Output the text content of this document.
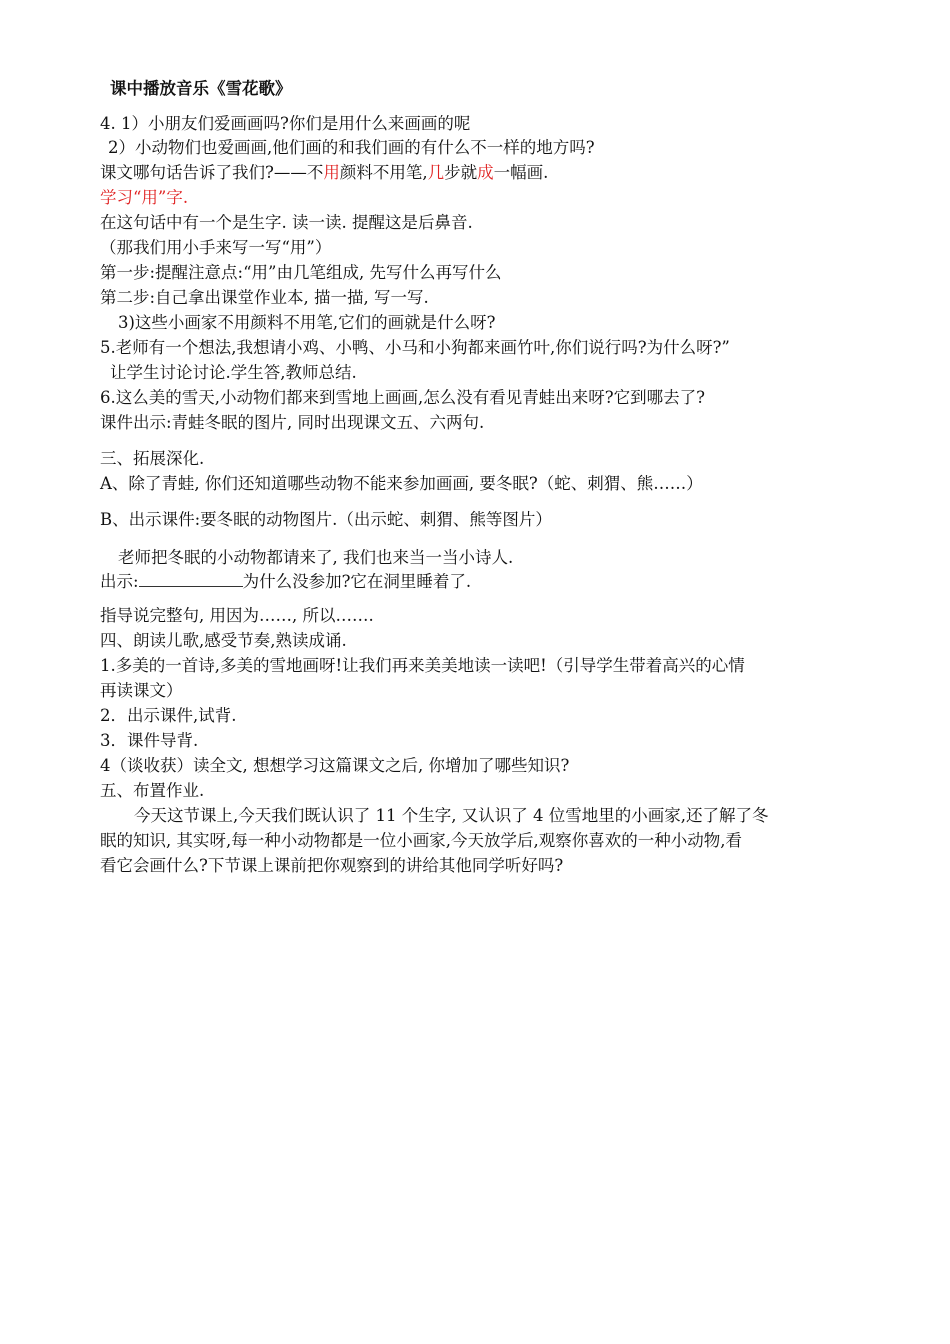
课中播放音乐《雪花歌》
4. 1）小朋友们爱画画吗?你们是用什么来画画的呢
2）小动物们也爱画画,他们画的和我们画的有什么不一样的地方吗?
课文哪句话告诉了我们?——不用颜料不用笔,几步就成一幅画.
学习“用”字.
在这句话中有一个是生字. 读一读. 提醒这是后鼻音.
（那我们用小手来写一写“用”）
第一步:提醒注意点:“用”由几笔组成, 先写什么再写什么
第二步:自己拿出课堂作业本, 描一描, 写一写.
3)这些小画家不用颜料不用笔,它们的画就是什么呀?
5.老师有一个想法,我想请小鸡、小鸭、小马和小狗都来画竹叶,你们说行吗?为什么呀?”
让学生讨论讨论.学生答,教师总结.
6.这么美的雪天,小动物们都来到雪地上画画,怎么没有看见青蛙出来呀?它到哪去了?
课件出示:青蛙冬眠的图片, 同时出现课文五、六两句.
三、拓展深化.
A、除了青蛙, 你们还知道哪些动物不能来参加画画, 要冬眠?（蛇、刺猬、熊……）
B、出示课件:要冬眠的动物图片.（出示蛇、刺猬、熊等图片）
老师把冬眠的小动物都请来了, 我们也来当一当小诗人.
出示:	为什么没参加?它在洞里睡着了.
指导说完整句, 用因为……, 所以…….
四、朗读儿歌,感受节奏,熟读成诵.
1.多美的一首诗,多美的雪地画呀!让我们再来美美地读一读吧!（引导学生带着高兴的心情
再读课文）
2．出示课件,试背.
3．课件导背.
4（谈收获）读全文, 想想学习这篇课文之后, 你增加了哪些知识?
五、布置作业.
今天这节课上,今天我们既认识了 11 个生字, 又认识了 4 位雪地里的小画家,还了解了冬
眠的知识, 其实呀,每一种小动物都是一位小画家,今天放学后,观察你喜欢的一种小动物,看
看它会画什么?下节课上课前把你观察到的讲给其他同学听好吗?
